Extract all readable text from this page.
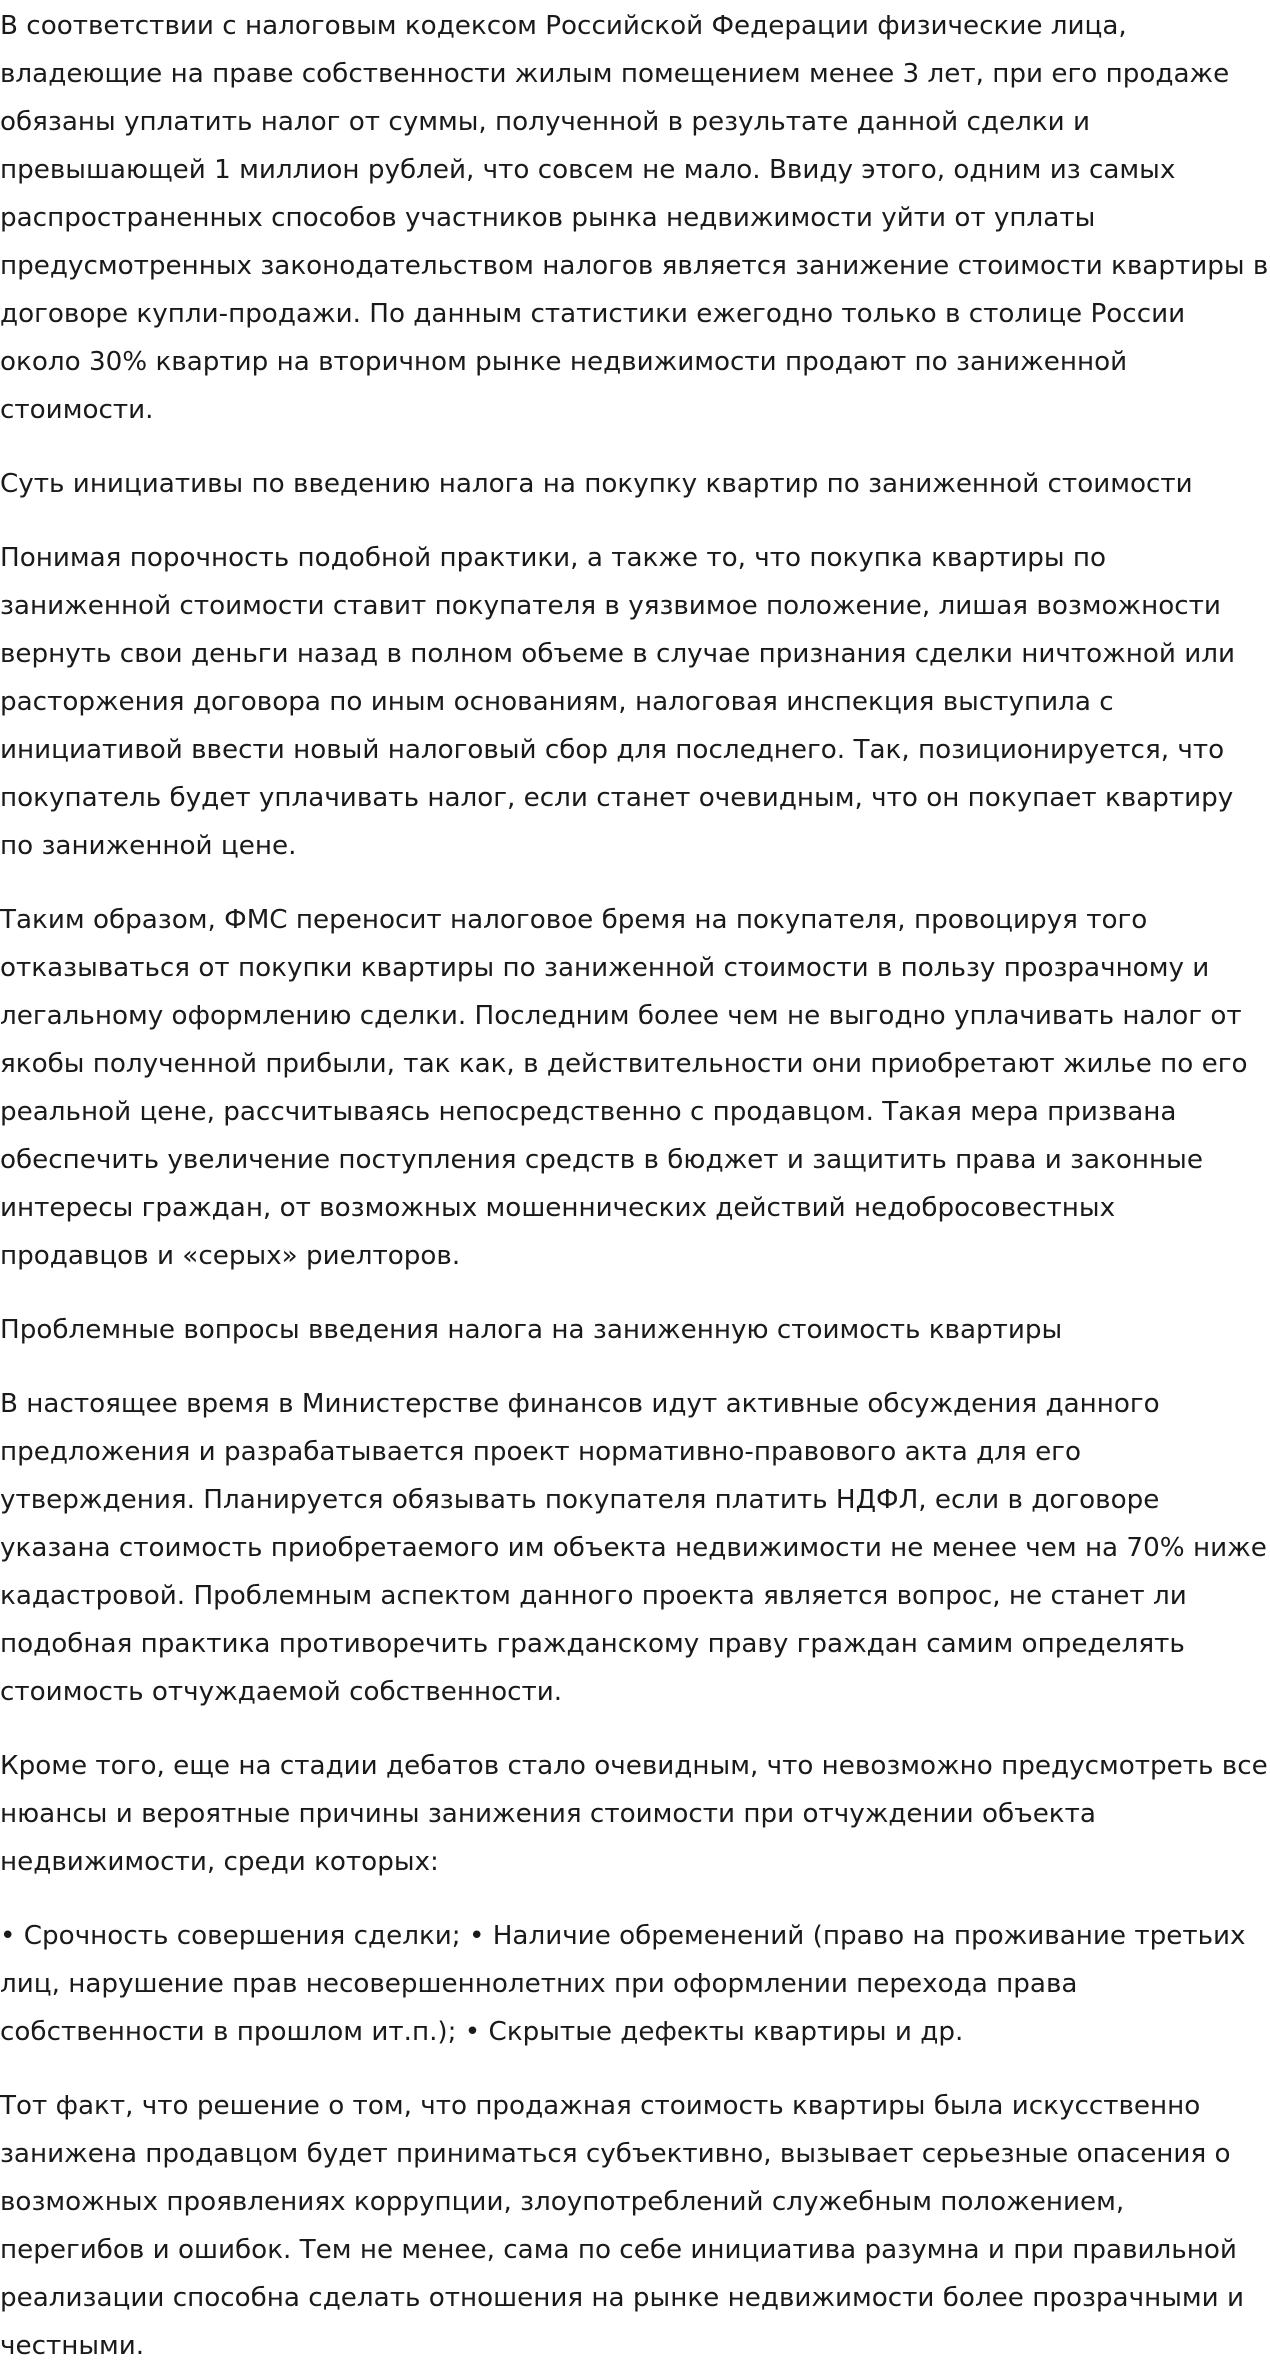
В соответствии с налоговым кодексом Российской Федерации физические лица, владеющие на праве собственности жилым помещением менее 3 лет, при его продаже обязаны уплатить налог от суммы, полученной в результате данной сделки и превышающей 1 миллион рублей, что совсем не мало. Ввиду этого, одним из самых распространенных способов участников рынка недвижимости уйти от уплаты предусмотренных законодательством налогов является занижение стоимости квартиры в договоре купли-продажи. По данным статистики ежегодно только в столице России около 30% квартир на вторичном рынке недвижимости продают по заниженной стоимости.

Суть инициативы по введению налога на покупку квартир по заниженной стоимости

Понимая порочность подобной практики, а также то, что покупка квартиры по заниженной стоимости ставит покупателя в уязвимое положение, лишая возможности вернуть свои деньги назад в полном объеме в случае признания сделки ничтожной или расторжения договора по иным основаниям, налоговая инспекция выступила с инициативой ввести новый налоговый сбор для последнего. Так, позиционируется, что покупатель будет уплачивать налог, если станет очевидным, что он покупает квартиру по заниженной цене.

Таким образом, ФМС переносит налоговое бремя на покупателя, провоцируя того отказываться от покупки квартиры по заниженной стоимости в пользу прозрачному и легальному оформлению сделки. Последним более чем не выгодно уплачивать налог от якобы полученной прибыли, так как, в действительности они приобретают жилье по его реальной цене, рассчитываясь непосредственно с продавцом. Такая мера призвана обеспечить увеличение поступления средств в бюджет и защитить права и законные интересы граждан, от возможных мошеннических действий недобросовестных продавцов и «серых» риелторов.

Проблемные вопросы введения налога на заниженную стоимость квартиры

В настоящее время в Министерстве финансов идут активные обсуждения данного предложения и разрабатывается проект нормативно-правового акта для его утверждения. Планируется обязывать покупателя платить НДФЛ, если в договоре указана стоимость приобретаемого им объекта недвижимости не менее чем на 70% ниже кадастровой. Проблемным аспектом данного проекта является вопрос, не станет ли подобная практика противоречить гражданскому праву граждан самим определять стоимость отчуждаемой собственности.

Кроме того, еще на стадии дебатов стало очевидным, что невозможно предусмотреть все нюансы и вероятные причины занижения стоимости при отчуждении объекта недвижимости, среди которых:

• Срочность совершения сделки; • Наличие обременений (право на проживание третьих лиц, нарушение прав несовершеннолетних при оформлении перехода права собственности в прошлом ит.п.); • Скрытые дефекты квартиры и др.

Тот факт, что решение о том, что продажная стоимость квартиры была искусственно занижена продавцом будет приниматься субъективно, вызывает серьезные опасения о возможных проявлениях коррупции, злоупотреблений служебным положением, перегибов и ошибок. Тем не менее, сама по себе инициатива разумна и при правильной реализации способна сделать отношения на рынке недвижимости более прозрачными и честными.
